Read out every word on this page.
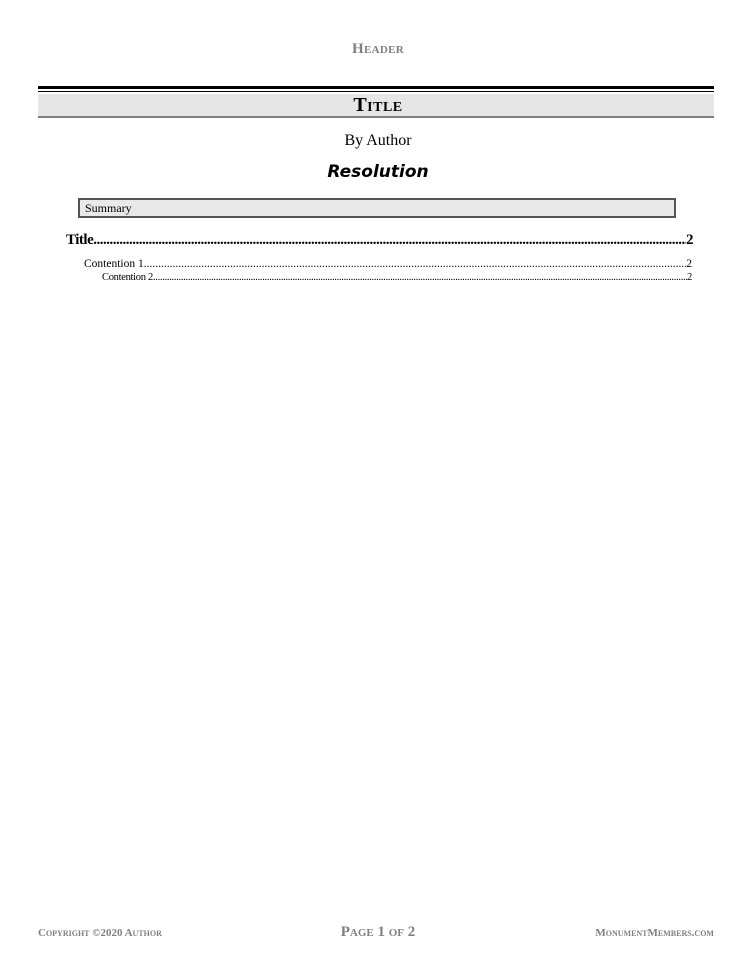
Header
Title
By Author
Resolution
Summary
Title .....	2
Contention 1 .....	2
Contention 2 .....	2
Copyright ©2020 Author	Page 1 of 2	MonumentMembers.com
